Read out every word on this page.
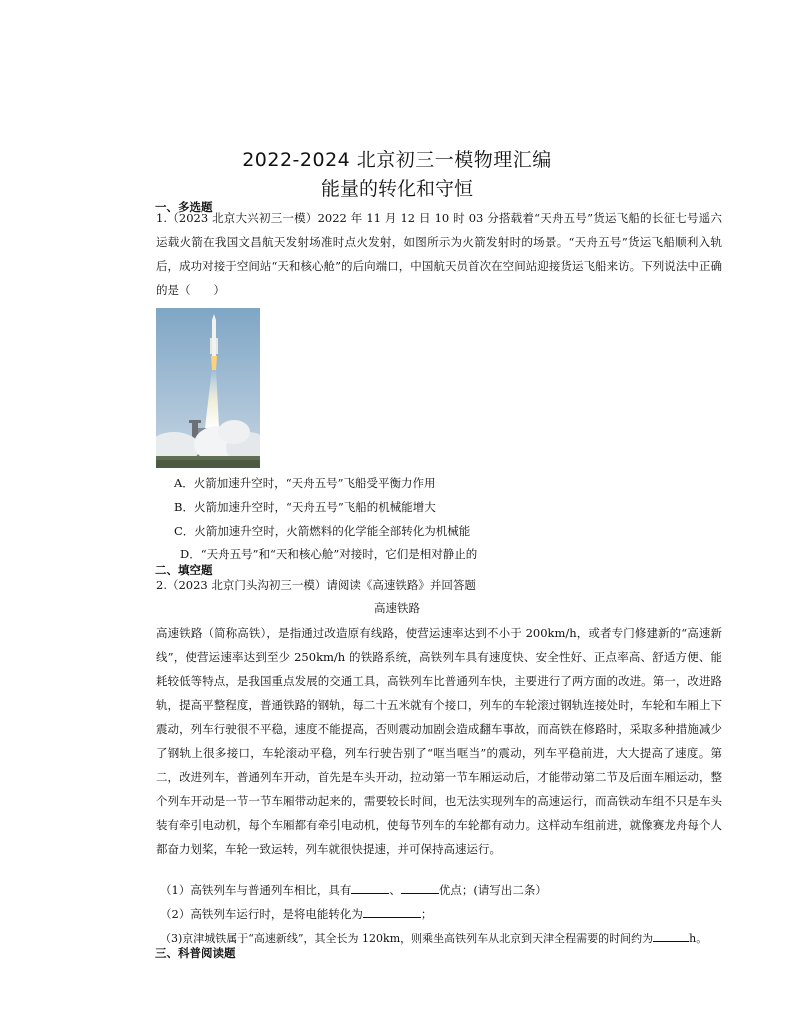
2022-2024 北京初三一模物理汇编
能量的转化和守恒
一、多选题
1.（2023 北京大兴初三一模）2022 年 11 月 12 日 10 时 03 分搭载着“天舟五号”货运飞船的长征七号遥六运载火箭在我国文昌航天发射场准时点火发射，如图所示为火箭发射时的场景。“天舟五号”货运飞船顺利入轨后，成功对接于空间站“天和核心舱”的后向端口，中国航天员首次在空间站迎接货运飞船来访。下列说法中正确的是（　　）
A．火箭加速升空时，“天舟五号”飞船受平衡力作用
B．火箭加速升空时，“天舟五号”飞船的机械能增大
C．火箭加速升空时，火箭燃料的化学能全部转化为机械能
D．“天舟五号”和“天和核心舱”对接时，它们是相对静止的
二、填空题
2.（2023 北京门头沟初三一模）请阅读《高速铁路》并回答题
高速铁路
高速铁路（简称高铁），是指通过改造原有线路，使营运速率达到不小于 200km/h，或者专门修建新的“高速新线”，使营运速率达到至少 250km/h 的铁路系统，高铁列车具有速度快、安全性好、正点率高、舒适方便、能耗较低等特点，是我国重点发展的交通工具，高铁列车比普通列车快，主要进行了两方面的改进。第一，改进路轨，提高平整程度，普通铁路的钢轨，每二十五米就有个接口，列车的车轮滚过钢轨连接处时，车轮和车厢上下震动，列车行驶很不平稳，速度不能提高，否则震动加剧会造成翻车事故，而高铁在修路时，采取多种措施减少了钢轨上很多接口，车轮滚动平稳，列车行驶告别了“哐当哐当”的震动，列车平稳前进，大大提高了速度。第二，改进列车，普通列车开动，首先是车头开动，拉动第一节车厢运动后，才能带动第二节及后面车厢运动，整个列车开动是一节一节车厢带动起来的，需要较长时间，也无法实现列车的高速运行，而高铁动车组不只是车头装有牵引电动机，每个车厢都有牵引电动机，使每节列车的车轮都有动力。这样动车组前进，就像赛龙舟每个人都奋力划桨，车轮一致运转，列车就很快提速，并可保持高速运行。
（1）高铁列车与普通列车相比，具有	、	优点；(请写出二条）
（2）高铁列车运行时，是将电能转化为	；
（3)京津城铁属于“高速新线”，其全长为 120km，则乘坐高铁列车从北京到天津全程需要的时间约为	h。
三、科普阅读题
